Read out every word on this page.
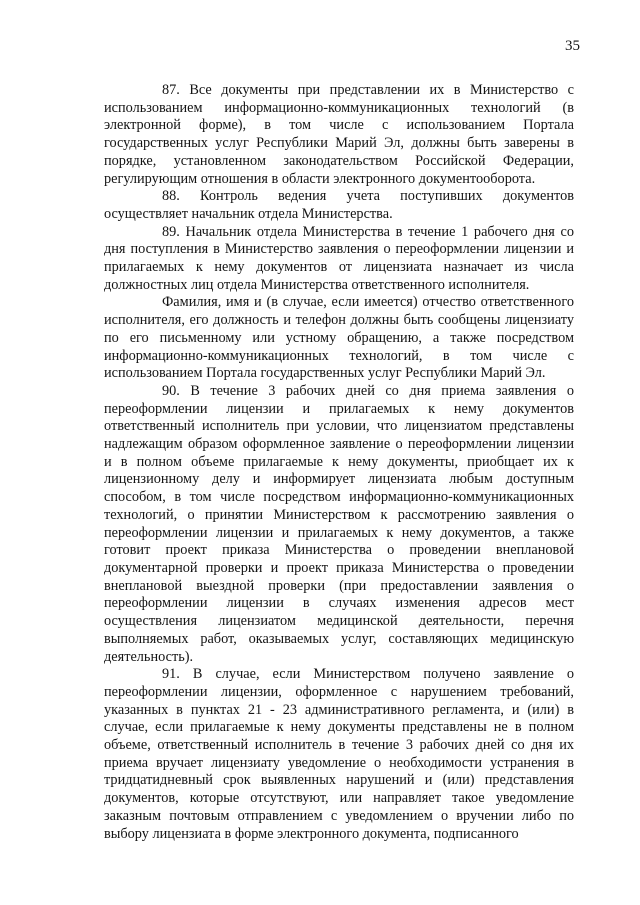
35

87. Все документы при представлении их в Министерство с использованием информационно-коммуникационных технологий (в электронной форме), в том числе с использованием Портала государственных услуг Республики Марий Эл, должны быть заверены в порядке, установленном законодательством Российской Федерации, регулирующим отношения в области электронного документооборота.

88. Контроль ведения учета поступивших документов осуществляет начальник отдела Министерства.

89. Начальник отдела Министерства в течение 1 рабочего дня со дня поступления в Министерство заявления о переоформлении лицензии и прилагаемых к нему документов от лицензиата назначает из числа должностных лиц отдела Министерства ответственного исполнителя.

Фамилия, имя и (в случае, если имеется) отчество ответственного исполнителя, его должность и телефон должны быть сообщены лицензиату по его письменному или устному обращению, а также посредством информационно-коммуникационных технологий, в том числе с использованием Портала государственных услуг Республики Марий Эл.

90. В течение 3 рабочих дней со дня приема заявления о переоформлении лицензии и прилагаемых к нему документов ответственный исполнитель при условии, что лицензиатом представлены надлежащим образом оформленное заявление о переоформлении лицензии и в полном объеме прилагаемые к нему документы, приобщает их к лицензионному делу и информирует лицензиата любым доступным способом, в том числе посредством информационно-коммуникационных технологий, о принятии Министерством к рассмотрению заявления о переоформлении лицензии и прилагаемых к нему документов, а также готовит проект приказа Министерства о проведении внеплановой документарной проверки и проект приказа Министерства о проведении внеплановой выездной проверки (при предоставлении заявления о переоформлении лицензии в случаях изменения адресов мест осуществления лицензиатом медицинской деятельности, перечня выполняемых работ, оказываемых услуг, составляющих медицинскую деятельность).

91. В случае, если Министерством получено заявление о переоформлении лицензии, оформленное с нарушением требований, указанных в пунктах 21 - 23 административного регламента, и (или) в случае, если прилагаемые к нему документы представлены не в полном объеме, ответственный исполнитель в течение 3 рабочих дней со дня их приема вручает лицензиату уведомление о необходимости устранения в тридцатидневный срок выявленных нарушений и (или) представления документов, которые отсутствуют, или направляет такое уведомление заказным почтовым отправлением с уведомлением о вручении либо по выбору лицензиата в форме электронного документа, подписанного
